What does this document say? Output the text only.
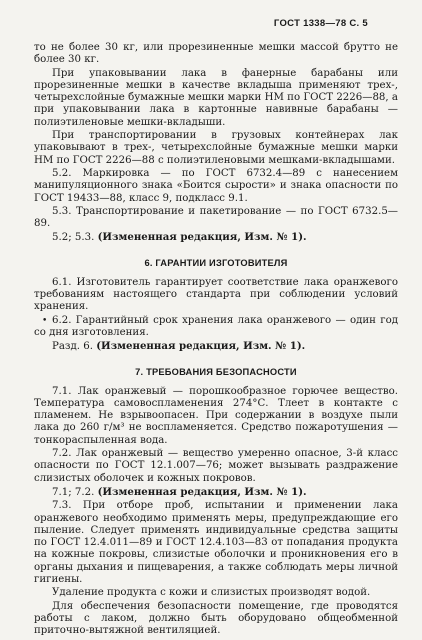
ГОСТ 1338—78 С. 5

то не более 30 кг, или прорезиненные мешки массой брутто не более 30 кг.

При упаковывании лака в фанерные барабаны или прорезиненные мешки в качестве вкладыша применяют трех-, четырехслойные бумажные мешки марки НМ по ГОСТ 2226—88, а при упаковывании лака в картонные навивные барабаны — полиэтиленовые мешки-вкладыши.

При транспортировании в грузовых контейнерах лак упаковывают в трех-, четырехслойные бумажные мешки марки НМ по ГОСТ 2226—88 с полиэтиленовыми мешками-вкладышами.

5.2. Маркировка — по ГОСТ 6732.4—89 с нанесением манипуляционного знака «Боится сырости» и знака опасности по ГОСТ 19433—88, класс 9, подкласс 9.1.

5.3. Транспортирование и пакетирование — по ГОСТ 6732.5—89.

5.2; 5.3. (Измененная редакция, Изм. № 1).

6. ГАРАНТИИ ИЗГОТОВИТЕЛЯ

6.1. Изготовитель гарантирует соответствие лака оранжевого требованиям настоящего стандарта при соблюдении условий хранения.

• 6.2. Гарантийный срок хранения лака оранжевого — один год со дня изготовления.

Разд. 6. (Измененная редакция, Изм. № 1).

7. ТРЕБОВАНИЯ БЕЗОПАСНОСТИ

7.1. Лак оранжевый — порошкообразное горючее вещество. Температура самовоспламенения 274°С. Тлеет в контакте с пламенем. Не взрывоопасен. При содержании в воздухе пыли лака до 260 г/м³ не воспламеняется. Средство пожаротушения — тонкораспыленная вода.

7.2. Лак оранжевый — вещество умеренно опасное, 3-й класс опасности по ГОСТ 12.1.007—76; может вызывать раздражение слизистых оболочек и кожных покровов.

7.1; 7.2. (Измененная редакция, Изм. № 1).

7.3. При отборе проб, испытании и применении лака оранжевого необходимо применять меры, предупреждающие его пыление. Следует применять индивидуальные средства защиты по ГОСТ 12.4.011—89 и ГОСТ 12.4.103—83 от попадания продукта на кожные покровы, слизистые оболочки и проникновения его в органы дыхания и пищеварения, а также соблюдать меры личной гигиены.

Удаление продукта с кожи и слизистых производят водой.

Для обеспечения безопасности помещение, где проводятся работы с лаком, должно быть оборудовано общеобменной приточно-вытяжной вентиляцией.
